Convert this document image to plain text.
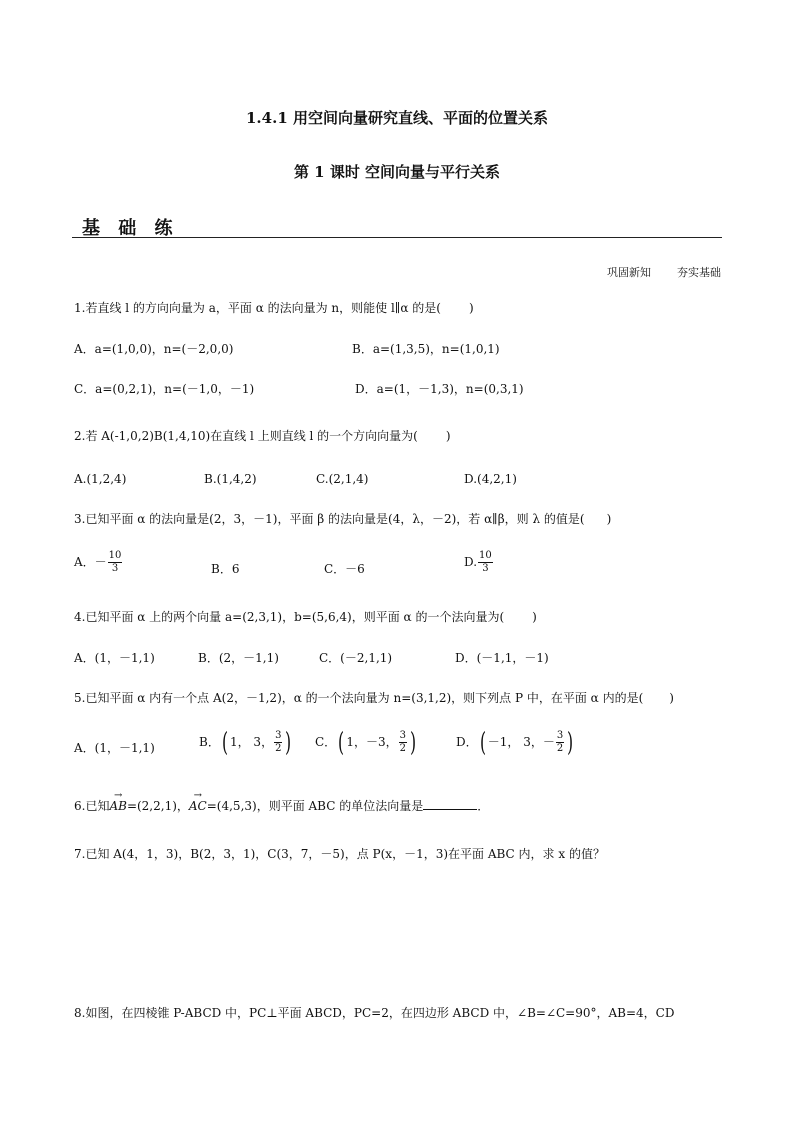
1.4.1 用空间向量研究直线、平面的位置关系
第 1 课时 空间向量与平行关系
基 础 练
巩固新知 夯实基础
1.若直线 l 的方向向量为 a，平面 α 的法向量为 n，则能使 l∥α 的是( )
A．a=(1,0,0)，n=(－2,0,0)	B．a=(1,3,5)，n=(1,0,1)
C．a=(0,2,1)，n=(－1,0，－1)	D．a=(1，－1,3)，n=(0,3,1)
2.若 A(-1,0,2)B(1,4,10)在直线 l 上则直线 l 的一个方向向量为( )
A.(1,2,4)	B.(1,4,2)	C.(2,1,4)	D.(4,2,1)
3.已知平面 α 的法向量是(2，3，－1)，平面 β 的法向量是(4，λ，－2)，若 α∥β，则 λ 的值是( )
A．－ $\frac{10}{3}$	B．6	C．－6	D. $\frac{10}{3}$
4.已知平面 α 上的两个向量 a=(2,3,1)，b=(5,6,4)，则平面 α 的一个法向量为( )
A．(1，－1,1)	B．(2，－1,1)	C．(－2,1,1)	D．(－1,1，－1)
5.已知平面 α 内有一个点 A(2，－1,2)，α 的一个法向量为 n=(3,1,2)，则下列点 P 中，在平面 α 内的是( )
A．(1，－1,1)	B．( 1， 3， $\frac{3}{2}$ ) C．( 1，－3， $\frac{3}{2}$ )	D．( －1， 3，－ $\frac{3}{2}$ )
6.已知→ AB=(2,2,1)，→ AC=(4,5,3)，则平面 ABC 的单位法向量是	．
7.已知 A(4，1，3)，B(2，3，1)，C(3，7，－5)，点 P(x，－1，3)在平面 ABC 内，求 x 的值？
8.如图，在四棱锥 P-ABCD 中，PC⊥平面 ABCD，PC=2，在四边形 ABCD 中，∠B=∠C=90°，AB=4，CD
